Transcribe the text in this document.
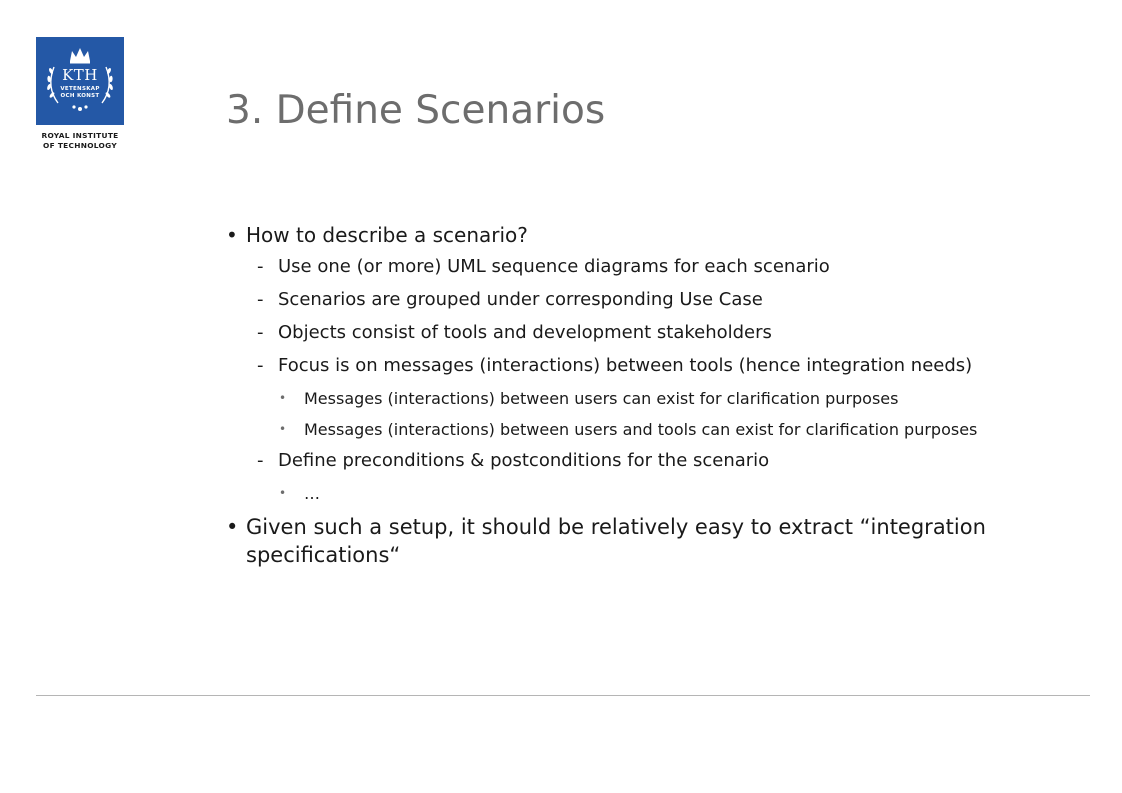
KTH
VETENSKAP
OCH KONST
ROYAL INSTITUTE
OF TECHNOLOGY
3. Define Scenarios
• How to describe a scenario?
- Use one (or more) UML sequence diagrams for each scenario
- Scenarios are grouped under corresponding Use Case
- Objects consist of tools and development stakeholders
- Focus is on messages (interactions) between tools (hence integration needs)
• Messages (interactions) between users can exist for clarification purposes
• Messages (interactions) between users and tools can exist for clarification purposes
- Define preconditions & postconditions for the scenario
• …
• Given such a setup, it should be relatively easy to extract “integration specifications“
